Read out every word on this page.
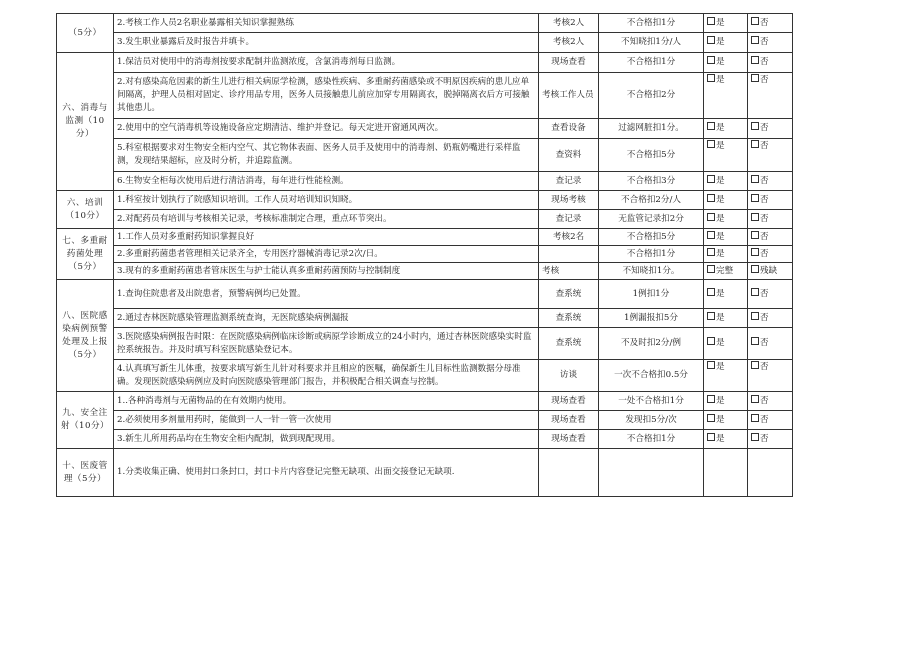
（5分）	2.考核工作人员2名职业暴露相关知识掌握熟练	考核2人	不合格扣1分	是	否
	3.发生职业暴露后及时报告并填卡。	考核2人	不知晓扣1分/人	是	否
六、消毒与监测（10分）	1.保洁员对使用中的消毒剂按要求配制并监测浓度，含氯消毒剂每日监测。	现场查看	不合格扣1分	是	否
	2.对有感染高危因素的新生儿进行相关病原学检测，感染性疾病、多重耐药菌感染或不明原因疾病的患儿应单间隔离，护理人员相对固定、诊疗用品专用，医务人员接触患儿前应加穿专用隔离衣，脱掉隔离衣后方可接触其他患儿。	考核工作人员	不合格扣2分	是	否
	2.使用中的空气消毒机等设施设备应定期清洁、维护并登记。每天定进开窗通风两次。	查看设备	过滤网脏扣1分。	是	否
	5.科室根据要求对生物安全柜内空气、其它物体表面、医务人员手及使用中的消毒剂、奶瓶奶嘴进行采样监测，发现结果超标，应及时分析，并追踪监测。	查资料	不合格扣5分	是	否
	6.生物安全柜每次使用后进行清洁消毒，每年进行性能检测。	查记录	不合格扣3分	是	否
六、培训（10分）	1.科室按计划执行了院感知识培训。工作人员对培训知识知晓。	现场考核	不合格扣2分/人	是	否
	2.对配药员有培训与考核相关记录，考核标准制定合理，重点环节突出。	查记录	无监管记录扣2分	是	否
七、多重耐药菌处理（5分）	1.工作人员对多重耐药知识掌握良好	考核2名	不合格扣5分	是	否
	2.多重耐药菌患者管理相关记录齐全，专用医疗器械消毒记录2次/日。		不合格扣1分	是	否
	3.现有的多重耐药菌患者管床医生与护士能认真多重耐药菌预防与控制制度	考核	不知晓扣1分。	完整	残缺
八、医院感染病例预警处理及上报（5分）	1.查询住院患者及出院患者，预警病例均已处置。	查系统	1例扣1分	是	否
	2.通过杏林医院感染管理监测系统查询，无医院感染病例漏报	查系统	1例漏报扣5分	是	否
	3.医院感染病例报告时限：在医院感染病例临床诊断或病原学诊断成立的24小时内，通过杏林医院感染实时监控系统报告。并及时填写科室医院感染登记本。	查系统	不及时扣2分/例	是	否
	4.认真填写新生儿体重，按要求填写新生儿针对科要求并且相应的医嘱，确保新生儿目标性监测数据分母准确。发现医院感染病例应及时向医院感染管理部门报告，并积极配合相关调查与控制。	访谈	一次不合格扣0.5分	是	否
九、安全注射（10分）	1..各种消毒剂与无菌物品的在有效期内使用。	现场查看	一处不合格扣1分	是	否
	2.必须使用多剂量用药时，能做到一人一针一管一次使用	现场查看	发现扣5分/次	是	否
	3.新生儿所用药品均在生物安全柜内配制，做到现配现用。	现场查看	不合格扣1分	是	否
十、医废管理（5分）	1.分类收集正确、使用封口条封口，封口卡片内容登记完整无缺项、出面交接登记无缺项.				
